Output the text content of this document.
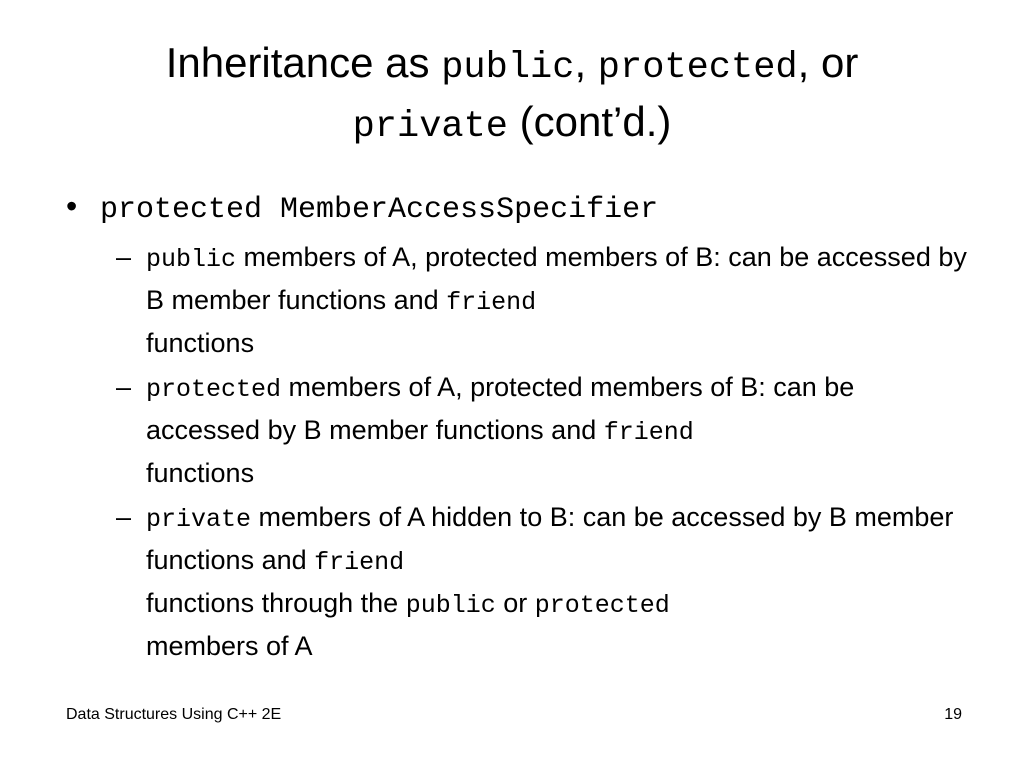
Inheritance as public, protected, or
private (cont’d.)
• protected MemberAccessSpecifier
– public members of A, protected members of B: can be accessed by B member functions and friend
functions
– protected members of A, protected members of B: can be accessed by B member functions and friend
functions
– private members of A hidden to B: can be accessed by B member functions and friend
functions through the public or protected
members of A
Data Structures Using C++ 2E	19
